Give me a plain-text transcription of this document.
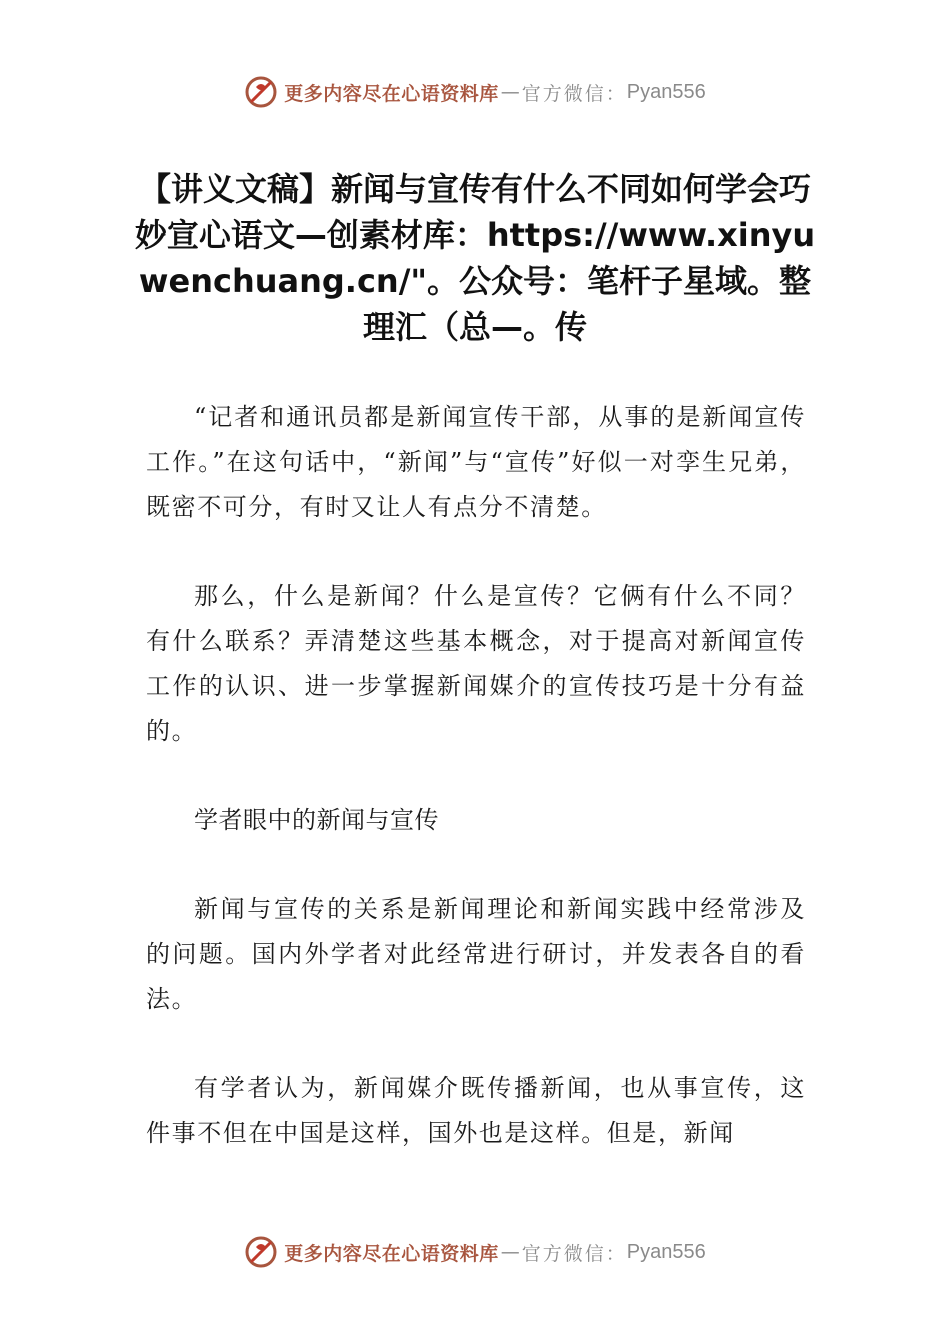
更多内容尽在心语资料库 — 官方微信： Pyan556
【讲义文稿】新闻与宣传有什么不同如何学会巧妙宣心语文—创素材库：https://www.xinyuwenchuang.cn/"。公众号：笔杆子星域。整理汇（总—。传

“记者和通讯员都是新闻宣传干部，从事的是新闻宣传工作。”在这句话中，“新闻”与“宣传”好似一对孪生兄弟，既密不可分，有时又让人有点分不清楚。

那么，什么是新闻？什么是宣传？它俩有什么不同？有什么联系？弄清楚这些基本概念，对于提高对新闻宣传工作的认识、进一步掌握新闻媒介的宣传技巧是十分有益的。

学者眼中的新闻与宣传

新闻与宣传的关系是新闻理论和新闻实践中经常涉及的问题。国内外学者对此经常进行研讨，并发表各自的看法。

有学者认为，新闻媒介既传播新闻，也从事宣传，这件事不但在中国是这样，国外也是这样。但是，新闻

更多内容尽在心语资料库 — 官方微信： Pyan556
